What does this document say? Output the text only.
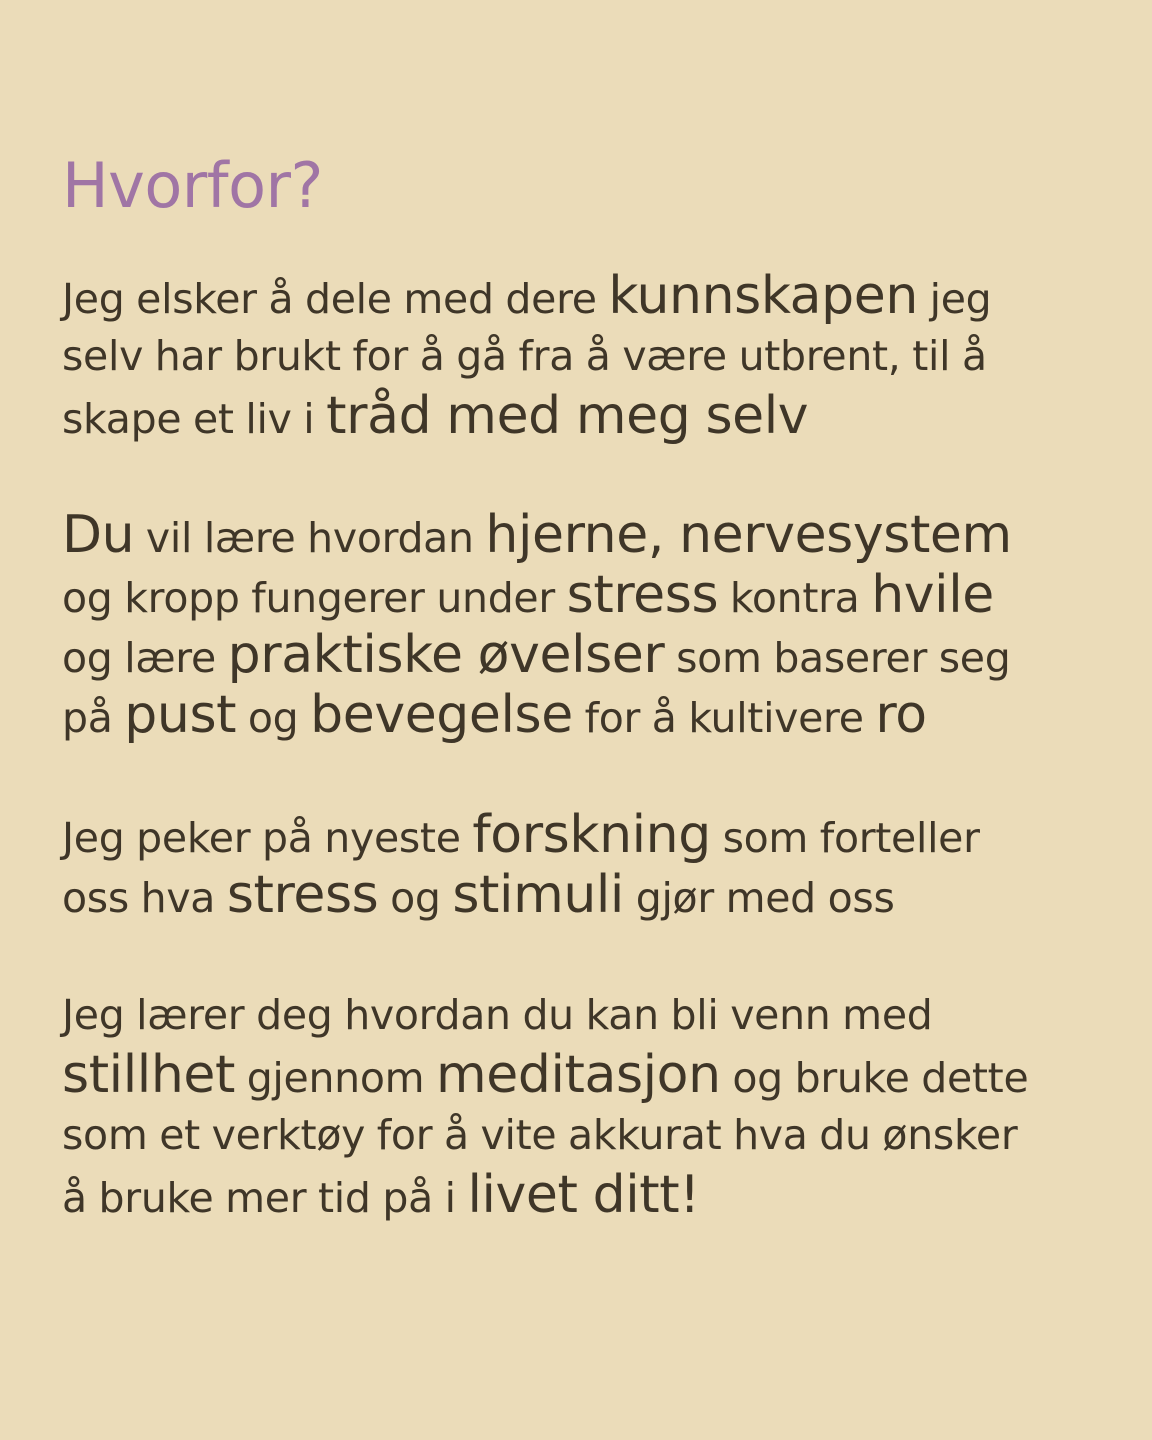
Hvorfor?
Jeg elsker å dele med dere kunnskapen jeg
selv har brukt for å gå fra å være utbrent, til å
skape et liv i tråd med meg selv
Du vil lære hvordan hjerne, nervesystem
og kropp fungerer under stress kontra hvile
og lære praktiske øvelser som baserer seg
på pust og bevegelse for å kultivere ro
Jeg peker på nyeste forskning som forteller
oss hva stress og stimuli gjør med oss
Jeg lærer deg hvordan du kan bli venn med
stillhet gjennom meditasjon og bruke dette
som et verktøy for å vite akkurat hva du ønsker
å bruke mer tid på i livet ditt!
